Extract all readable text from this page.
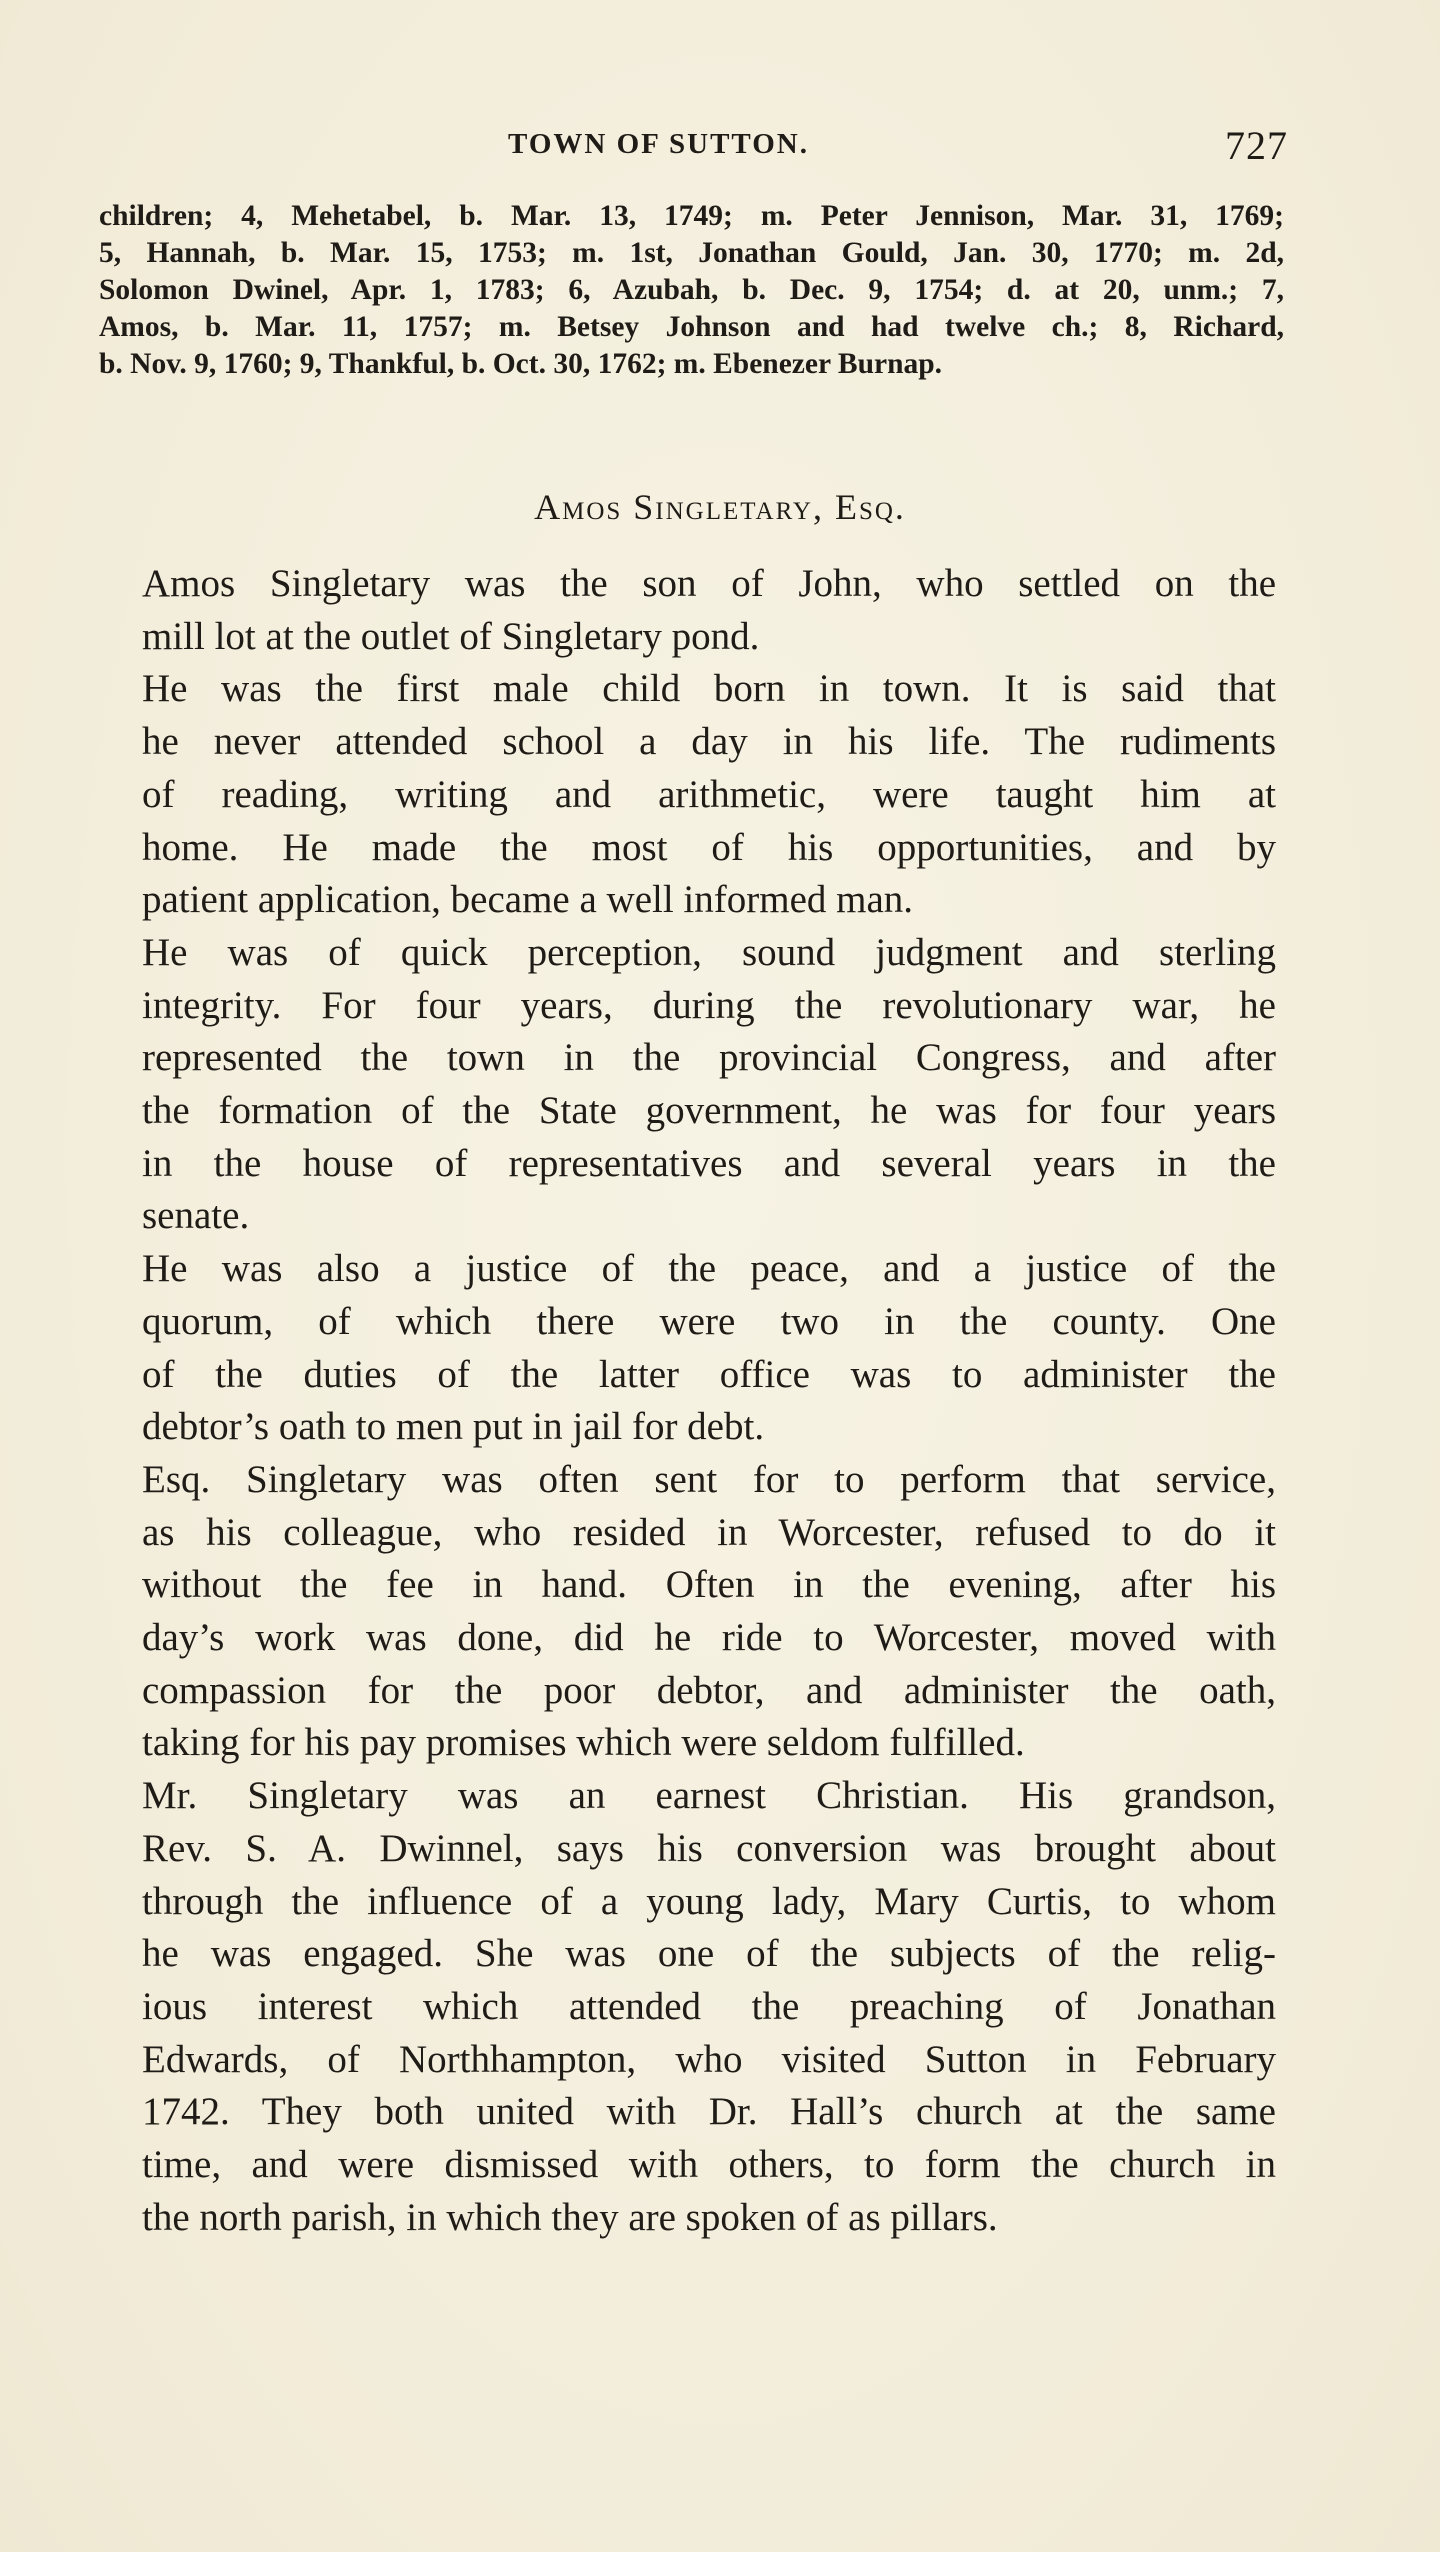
TOWN OF SUTTON.	727
children; 4, Mehetabel, b. Mar. 13, 1749; m. Peter Jennison, Mar. 31, 1769;
5, Hannah, b. Mar. 15, 1753; m. 1st, Jonathan Gould, Jan. 30, 1770; m. 2d,
Solomon Dwinel, Apr. 1, 1783; 6, Azubah, b. Dec. 9, 1754; d. at 20, unm.; 7,
Amos, b. Mar. 11, 1757; m. Betsey Johnson and had twelve ch.; 8, Richard,
b. Nov. 9, 1760; 9, Thankful, b. Oct. 30, 1762; m. Ebenezer Burnap.
Amos Singletary, Esq.
Amos Singletary was the son of John, who settled on the
mill lot at the outlet of Singletary pond.
He was the first male child born in town. It is said that
he never attended school a day in his life. The rudiments
of reading, writing and arithmetic, were taught him at
home. He made the most of his opportunities, and by
patient application, became a well informed man.
He was of quick perception, sound judgment and sterling
integrity. For four years, during the revolutionary war, he
represented the town in the provincial Congress, and after
the formation of the State government, he was for four years
in the house of representatives and several years in the
senate.
He was also a justice of the peace, and a justice of the
quorum, of which there were two in the county. One
of the duties of the latter office was to administer the
debtor’s oath to men put in jail for debt.
Esq. Singletary was often sent for to perform that service,
as his colleague, who resided in Worcester, refused to do it
without the fee in hand. Often in the evening, after his
day’s work was done, did he ride to Worcester, moved with
compassion for the poor debtor, and administer the oath,
taking for his pay promises which were seldom fulfilled.
Mr. Singletary was an earnest Christian. His grandson,
Rev. S. A. Dwinnel, says his conversion was brought about
through the influence of a young lady, Mary Curtis, to whom
he was engaged. She was one of the subjects of the relig-
ious interest which attended the preaching of Jonathan
Edwards, of Northhampton, who visited Sutton in February
1742. They both united with Dr. Hall’s church at the same
time, and were dismissed with others, to form the church in
the north parish, in which they are spoken of as pillars.
